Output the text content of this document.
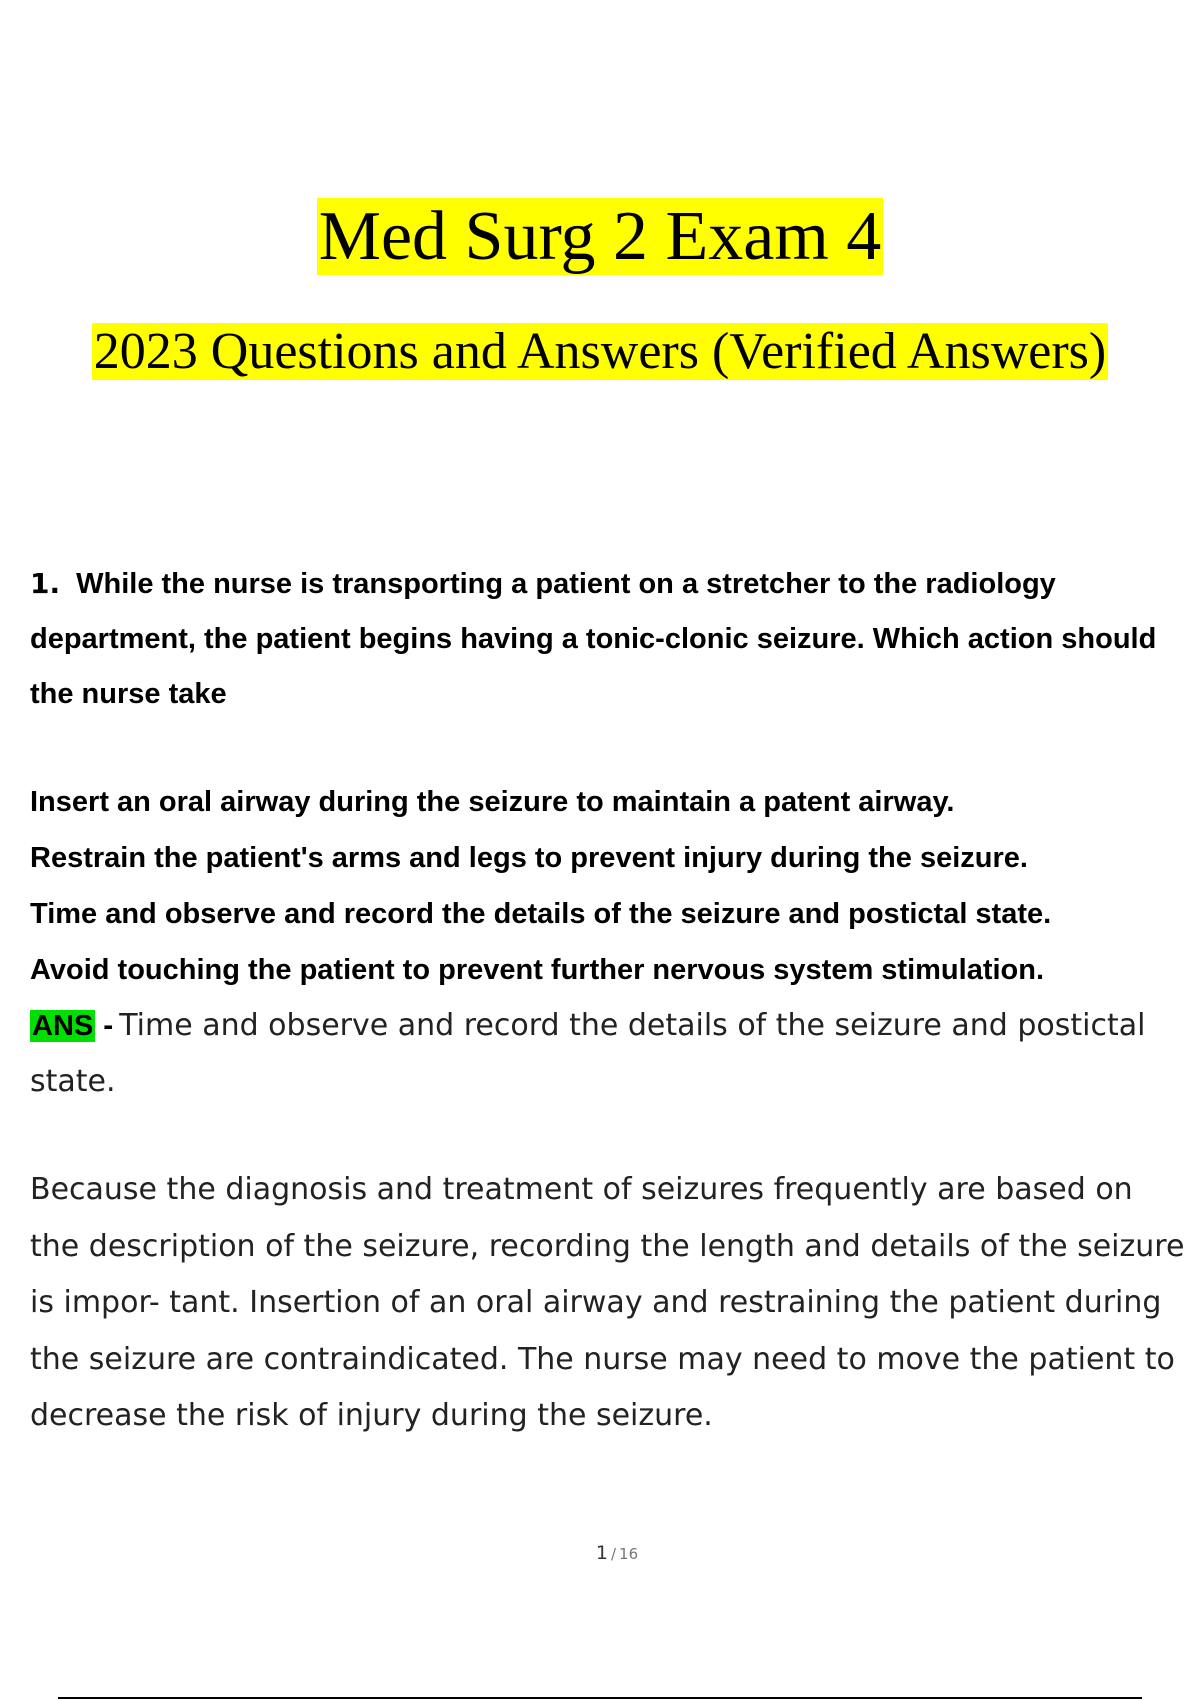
Med Surg 2 Exam 4
2023 Questions and Answers (Verified Answers)

1. While the nurse is transporting a patient on a stretcher to the radiology department, the patient begins having a tonic-clonic seizure. Which action should the nurse take

Insert an oral airway during the seizure to maintain a patent airway.
Restrain the patient's arms and legs to prevent injury during the seizure.
Time and observe and record the details of the seizure and postictal state.
Avoid touching the patient to prevent further nervous system stimulation.

ANS - Time and observe and record the details of the seizure and postictal state.

Because the diagnosis and treatment of seizures frequently are based on the description of the seizure, recording the length and details of the seizure is impor- tant. Insertion of an oral airway and restraining the patient during the seizure are contraindicated. The nurse may need to move the patient to decrease the risk of injury during the seizure.

1 / 16
